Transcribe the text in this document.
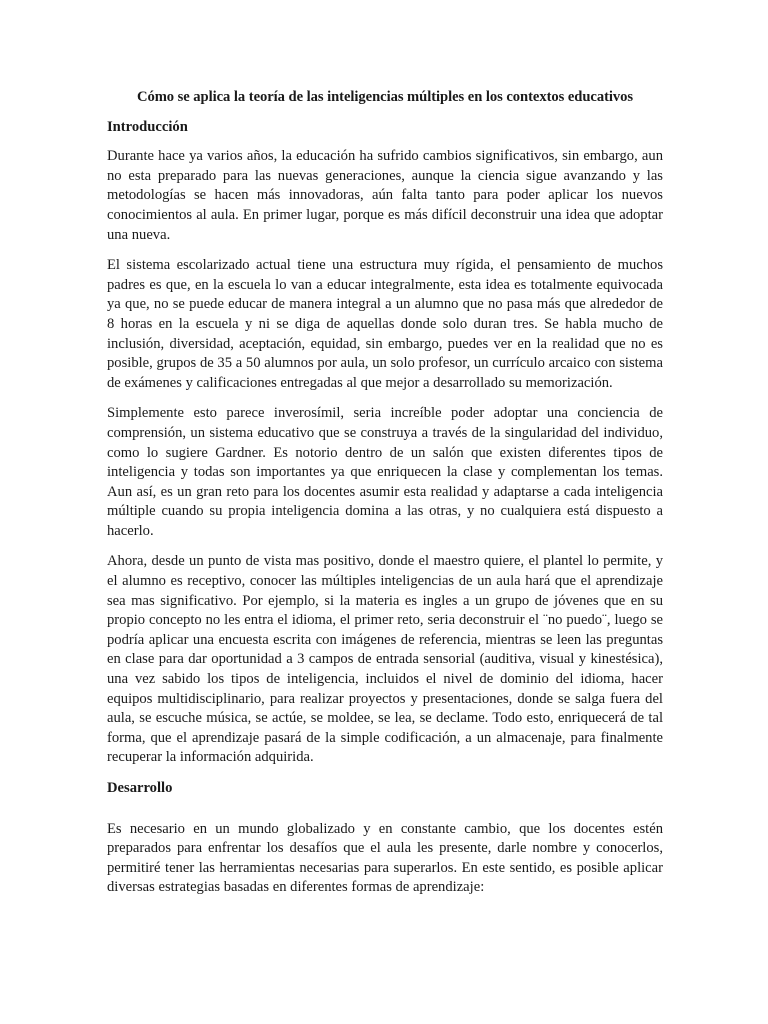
Cómo se aplica la teoría de las inteligencias múltiples en los contextos educativos
Introducción

Durante hace ya varios años, la educación ha sufrido cambios significativos, sin embargo, aun no esta preparado para las nuevas generaciones, aunque la ciencia sigue avanzando y las metodologías se hacen más innovadoras, aún falta tanto para poder aplicar los nuevos conocimientos al aula. En primer lugar, porque es más difícil deconstruir una idea que adoptar una nueva.

El sistema escolarizado actual tiene una estructura muy rígida, el pensamiento de muchos padres es que, en la escuela lo van a educar integralmente, esta idea es totalmente equivocada ya que, no se puede educar de manera integral a un alumno que no pasa más que alrededor de 8 horas en la escuela y ni se diga de aquellas donde solo duran tres. Se habla mucho de inclusión, diversidad, aceptación, equidad, sin embargo, puedes ver en la realidad que no es posible, grupos de 35 a 50 alumnos por aula, un solo profesor, un currículo arcaico con sistema de exámenes y calificaciones entregadas al que mejor a desarrollado su memorización.

Simplemente esto parece inverosímil, seria increíble poder adoptar una conciencia de comprensión, un sistema educativo que se construya a través de la singularidad del individuo, como lo sugiere Gardner. Es notorio dentro de un salón que existen diferentes tipos de inteligencia y todas son importantes ya que enriquecen la clase y complementan los temas. Aun así, es un gran reto para los docentes asumir esta realidad y adaptarse a cada inteligencia múltiple cuando su propia inteligencia domina a las otras, y no cualquiera está dispuesto a hacerlo.

Ahora, desde un punto de vista mas positivo, donde el maestro quiere, el plantel lo permite, y el alumno es receptivo, conocer las múltiples inteligencias de un aula hará que el aprendizaje sea mas significativo. Por ejemplo, si la materia es ingles a un grupo de jóvenes que en su propio concepto no les entra el idioma, el primer reto, seria deconstruir el ¨no puedo¨, luego se podría aplicar una encuesta escrita con imágenes de referencia, mientras se leen las preguntas en clase para dar oportunidad a 3 campos de entrada sensorial (auditiva, visual y kinestésica), una vez sabido los tipos de inteligencia, incluidos el nivel de dominio del idioma, hacer equipos multidisciplinario, para realizar proyectos y presentaciones, donde se salga fuera del aula, se escuche música, se actúe, se moldee, se lea, se declame. Todo esto, enriquecerá de tal forma, que el aprendizaje pasará de la simple codificación, a un almacenaje, para finalmente recuperar la información adquirida.

Desarrollo

Es necesario en un mundo globalizado y en constante cambio, que los docentes estén preparados para enfrentar los desafíos que el aula les presente, darle nombre y conocerlos, permitiré tener las herramientas necesarias para superarlos. En este sentido, es posible aplicar diversas estrategias basadas en diferentes formas de aprendizaje:
